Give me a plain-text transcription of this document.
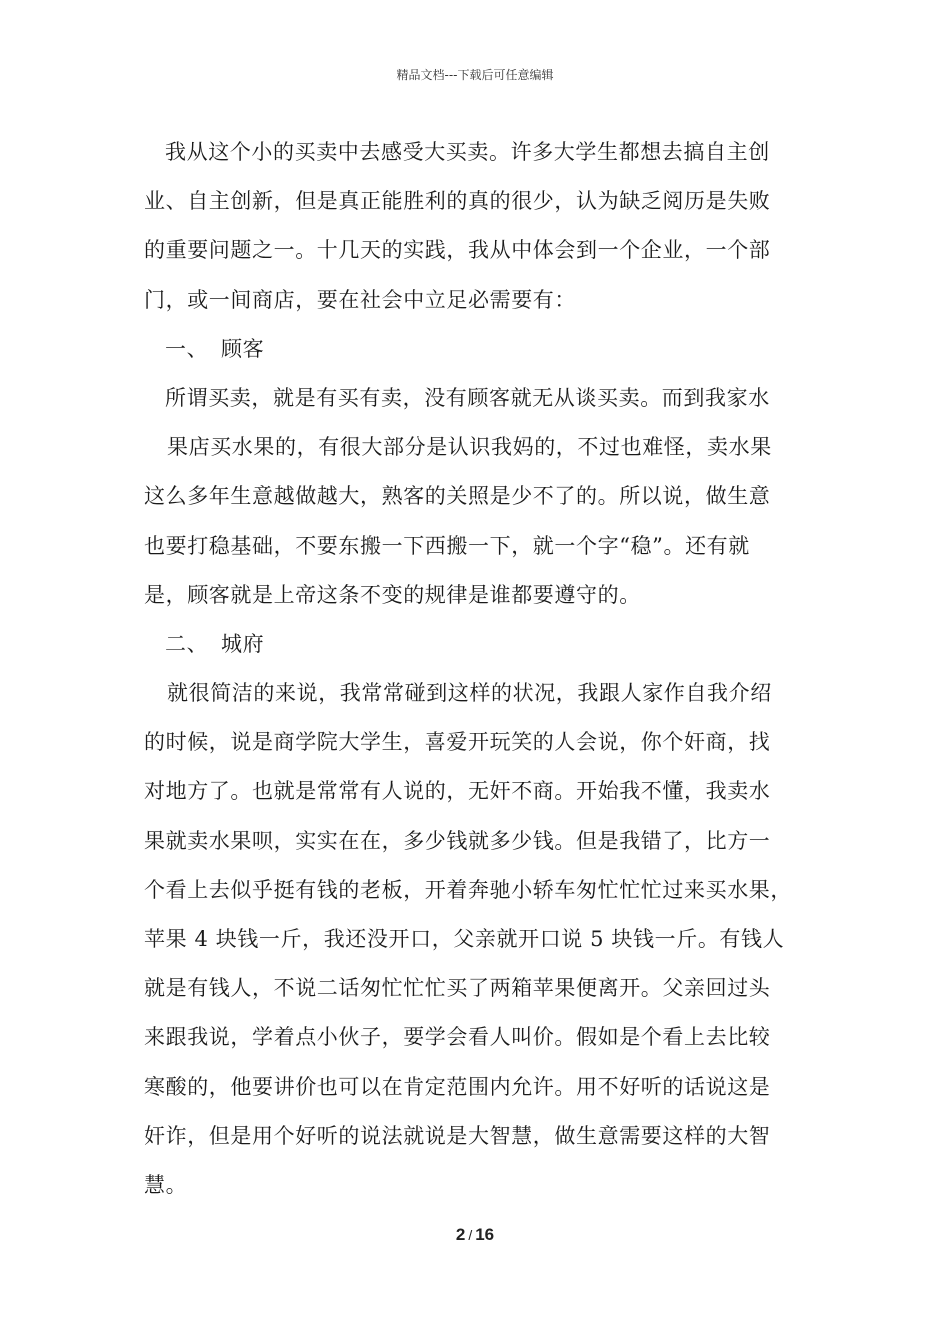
精品文档---下载后可任意编辑
我从这个小的买卖中去感受大买卖。许多大学生都想去搞自主创
业、自主创新，但是真正能胜利的真的很少，认为缺乏阅历是失败
的重要问题之一。十几天的实践，我从中体会到一个企业，一个部
门，或一间商店，要在社会中立足必需要有：
一、 顾客
所谓买卖，就是有买有卖，没有顾客就无从谈买卖。而到我家水
果店买水果的，有很大部分是认识我妈的，不过也难怪，卖水果
这么多年生意越做越大，熟客的关照是少不了的。所以说，做生意
也要打稳基础，不要东搬一下西搬一下，就一个字“稳”。还有就
是，顾客就是上帝这条不变的规律是谁都要遵守的。
二、 城府
就很简洁的来说，我常常碰到这样的状况，我跟人家作自我介绍
的时候，说是商学院大学生，喜爱开玩笑的人会说，你个奸商，找
对地方了。也就是常常有人说的，无奸不商。开始我不懂，我卖水
果就卖水果呗，实实在在，多少钱就多少钱。但是我错了，比方一
个看上去似乎挺有钱的老板，开着奔驰小轿车匆忙忙忙过来买水果，
苹果 4 块钱一斤，我还没开口，父亲就开口说 5 块钱一斤。有钱人
就是有钱人，不说二话匆忙忙忙买了两箱苹果便离开。父亲回过头
来跟我说，学着点小伙子，要学会看人叫价。假如是个看上去比较
寒酸的，他要讲价也可以在肯定范围内允许。用不好听的话说这是
奸诈，但是用个好听的说法就说是大智慧，做生意需要这样的大智
慧。
2 / 16
